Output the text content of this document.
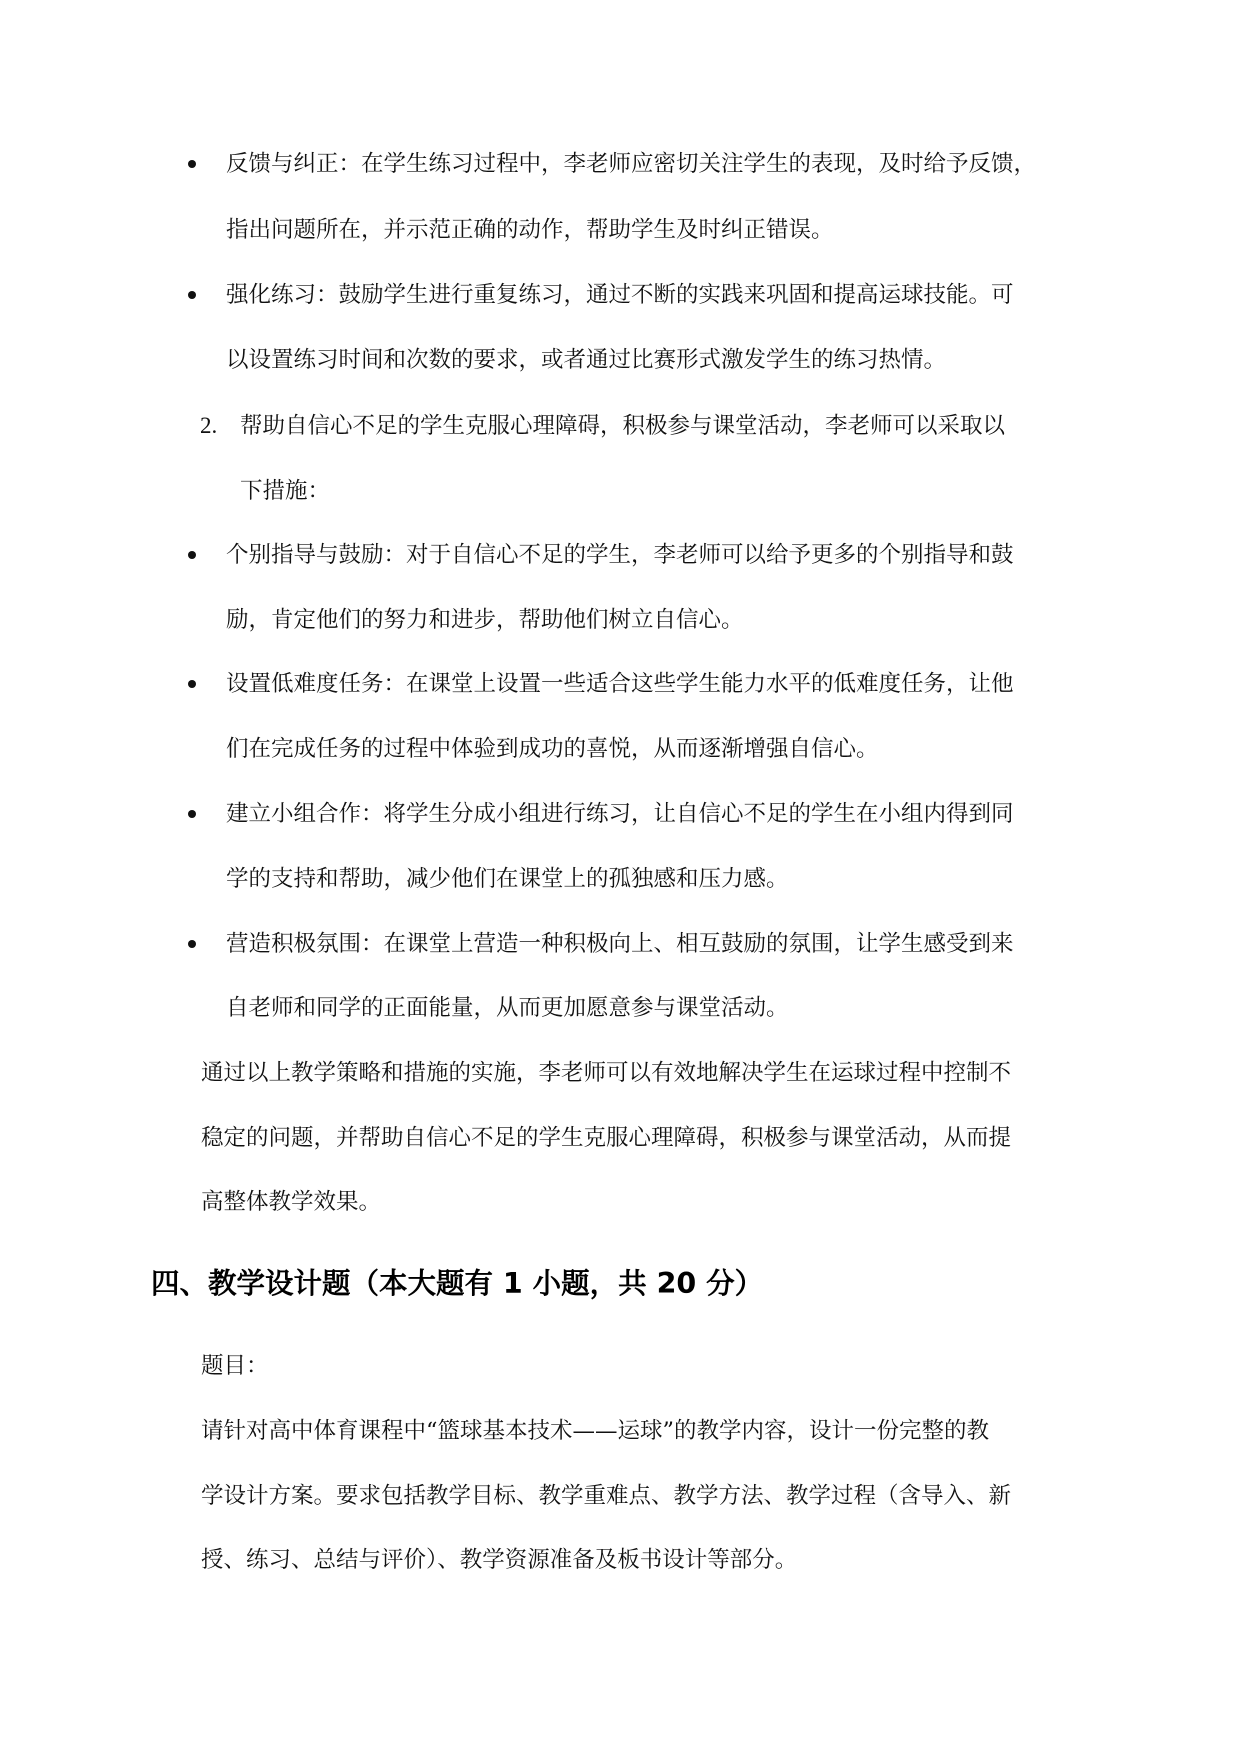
反馈与纠正：在学生练习过程中，李老师应密切关注学生的表现，及时给予反馈，
指出问题所在，并示范正确的动作，帮助学生及时纠正错误。
强化练习：鼓励学生进行重复练习，通过不断的实践来巩固和提高运球技能。可
以设置练习时间和次数的要求，或者通过比赛形式激发学生的练习热情。
2. 帮助自信心不足的学生克服心理障碍，积极参与课堂活动，李老师可以采取以
下措施：
个别指导与鼓励：对于自信心不足的学生，李老师可以给予更多的个别指导和鼓
励，肯定他们的努力和进步，帮助他们树立自信心。
设置低难度任务：在课堂上设置一些适合这些学生能力水平的低难度任务，让他
们在完成任务的过程中体验到成功的喜悦，从而逐渐增强自信心。
建立小组合作：将学生分成小组进行练习，让自信心不足的学生在小组内得到同
学的支持和帮助，减少他们在课堂上的孤独感和压力感。
营造积极氛围：在课堂上营造一种积极向上、相互鼓励的氛围，让学生感受到来
自老师和同学的正面能量，从而更加愿意参与课堂活动。
通过以上教学策略和措施的实施，李老师可以有效地解决学生在运球过程中控制不
稳定的问题，并帮助自信心不足的学生克服心理障碍，积极参与课堂活动，从而提
高整体教学效果。
四、教学设计题（本大题有 1 小题，共 20 分）
题目：
请针对高中体育课程中“篮球基本技术——运球”的教学内容，设计一份完整的教
学设计方案。要求包括教学目标、教学重难点、教学方法、教学过程（含导入、新
授、练习、总结与评价）、教学资源准备及板书设计等部分。
